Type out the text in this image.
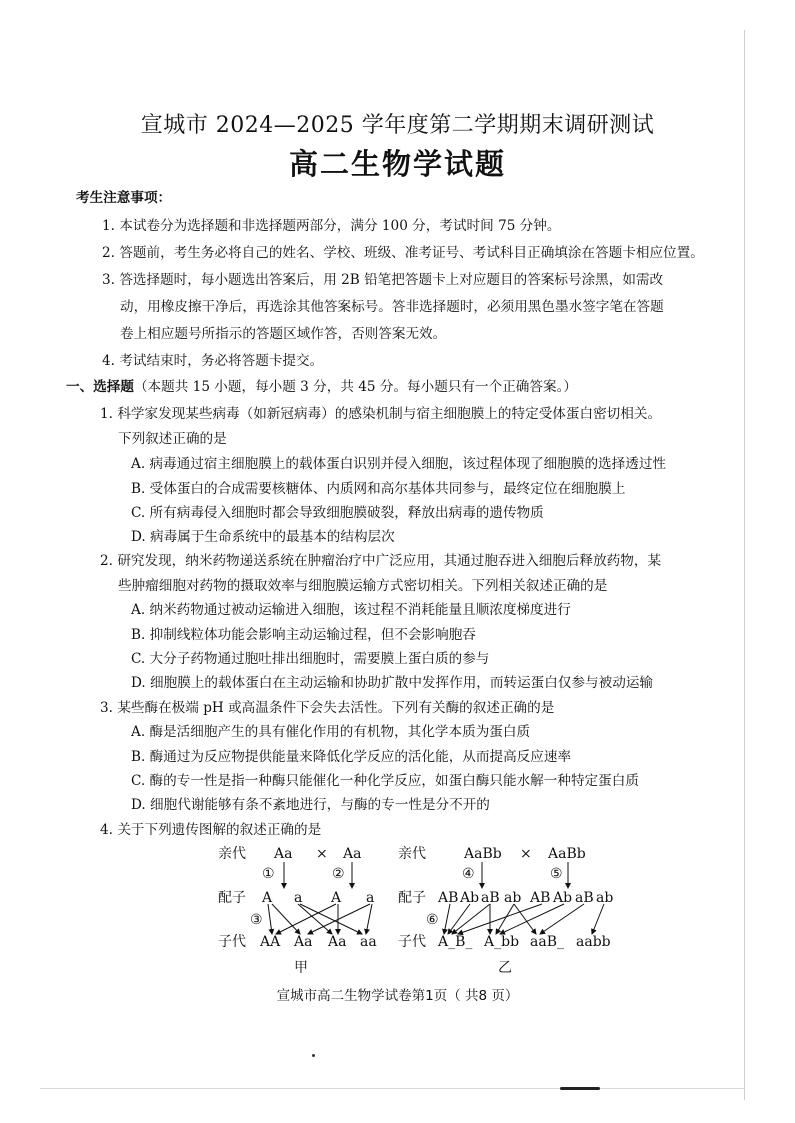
宣城市 2024—2025 学年度第二学期期末调研测试
高二生物学试题
考生注意事项：
1. 本试卷分为选择题和非选择题两部分，满分 100 分，考试时间 75 分钟。
2. 答题前，考生务必将自己的姓名、学校、班级、准考证号、考试科目正确填涂在答题卡相应位置。
3. 答选择题时，每小题选出答案后，用 2B 铅笔把答题卡上对应题目的答案标号涂黑，如需改
动，用橡皮擦干净后，再选涂其他答案标号。答非选择题时，必须用黑色墨水签字笔在答题
卷上相应题号所指示的答题区域作答，否则答案无效。
4. 考试结束时，务必将答题卡提交。
一、选择题（本题共 15 小题，每小题 3 分，共 45 分。每小题只有一个正确答案。）
1. 科学家发现某些病毒（如新冠病毒）的感染机制与宿主细胞膜上的特定受体蛋白密切相关。
下列叙述正确的是
A. 病毒通过宿主细胞膜上的载体蛋白识别并侵入细胞，该过程体现了细胞膜的选择透过性
B. 受体蛋白的合成需要核糖体、内质网和高尔基体共同参与，最终定位在细胞膜上
C. 所有病毒侵入细胞时都会导致细胞膜破裂，释放出病毒的遗传物质
D. 病毒属于生命系统中的最基本的结构层次
2. 研究发现，纳米药物递送系统在肿瘤治疗中广泛应用，其通过胞吞进入细胞后释放药物，某
些肿瘤细胞对药物的摄取效率与细胞膜运输方式密切相关。下列相关叙述正确的是
A. 纳米药物通过被动运输进入细胞，该过程不消耗能量且顺浓度梯度进行
B. 抑制线粒体功能会影响主动运输过程，但不会影响胞吞
C. 大分子药物通过胞吐排出细胞时，需要膜上蛋白质的参与
D. 细胞膜上的载体蛋白在主动运输和协助扩散中发挥作用，而转运蛋白仅参与被动运输
3. 某些酶在极端 pH 或高温条件下会失去活性。下列有关酶的叙述正确的是
A. 酶是活细胞产生的具有催化作用的有机物，其化学本质为蛋白质
B. 酶通过为反应物提供能量来降低化学反应的活化能，从而提高反应速率
C. 酶的专一性是指一种酶只能催化一种化学反应，如蛋白酶只能水解一种特定蛋白质
D. 细胞代谢能够有条不紊地进行，与酶的专一性是分不开的
4. 关于下列遗传图解的叙述正确的是
亲代 Aa × Aa
①	②
配子 A a A a
③
子代 AA Aa Aa aa
甲
亲代	AaBb × AaBb
④	⑤
配子 AB Ab aB ab AB Ab aB ab
⑥
子代 A_B_ A_bb aaB_ aabb
乙
宣城市高二生物学试卷第1页（ 共8 页）
